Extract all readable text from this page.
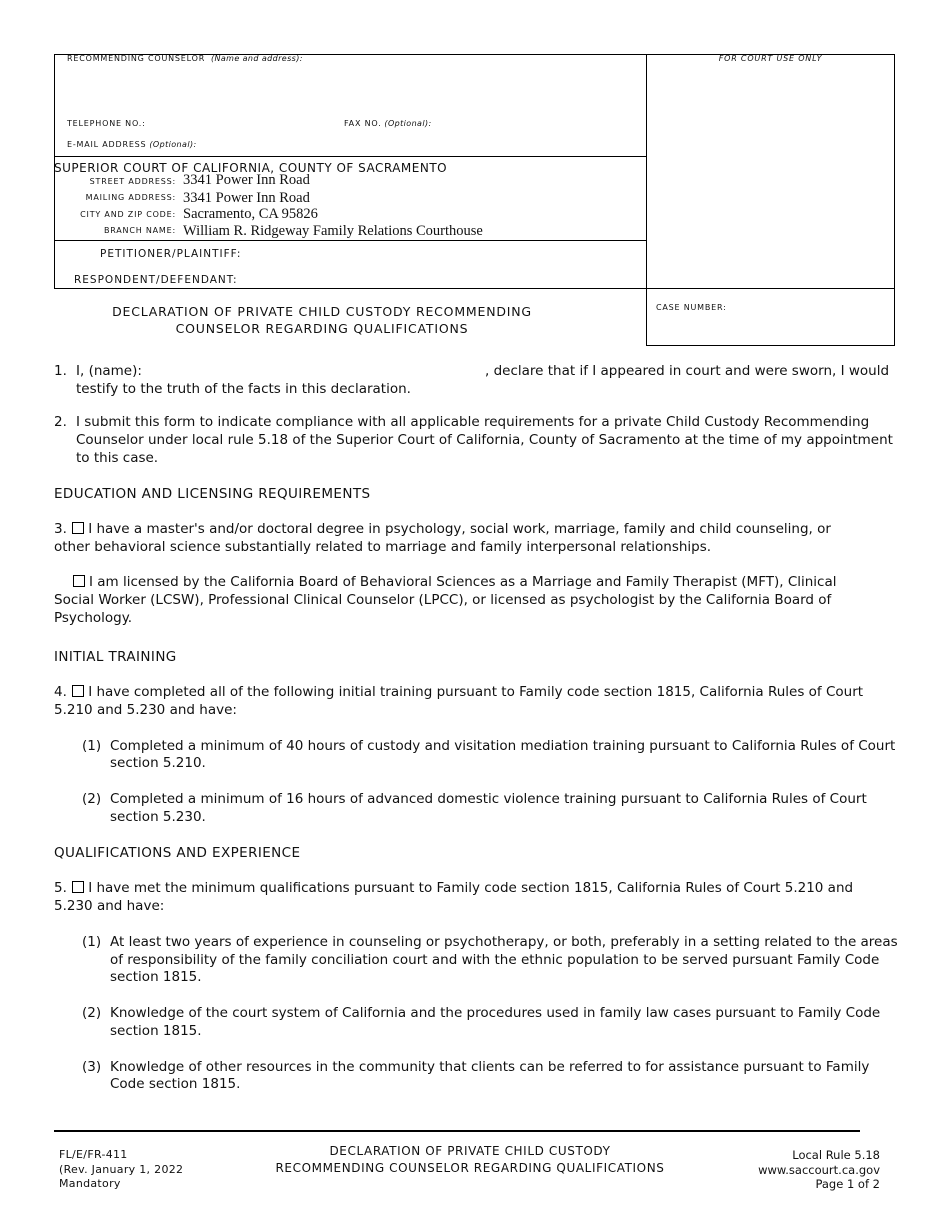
RECOMMENDING COUNSELOR (Name and address):	FOR COURT USE ONLY
TELEPHONE NO.:	FAX NO. (Optional):
E-MAIL ADDRESS (Optional):
SUPERIOR COURT OF CALIFORNIA, COUNTY OF SACRAMENTO
STREET ADDRESS: 3341 Power Inn Road
MAILING ADDRESS: 3341 Power Inn Road
CITY AND ZIP CODE: Sacramento, CA 95826
BRANCH NAME: William R. Ridgeway Family Relations Courthouse
PETITIONER/PLAINTIFF:
RESPONDENT/DEFENDANT:
DECLARATION OF PRIVATE CHILD CUSTODY RECOMMENDING
COUNSELOR REGARDING QUALIFICATIONS
CASE NUMBER:
1. I, (name):	, declare that if I appeared in court and were sworn, I would
testify to the truth of the facts in this declaration.
2. I submit this form to indicate compliance with all applicable requirements for a private Child Custody Recommending
Counselor under local rule 5.18 of the Superior Court of California, County of Sacramento at the time of my appointment
to this case.
EDUCATION AND LICENSING REQUIREMENTS
3. I have a master's and/or doctoral degree in psychology, social work, marriage, family and child counseling, or
other behavioral science substantially related to marriage and family interpersonal relationships.
I am licensed by the California Board of Behavioral Sciences as a Marriage and Family Therapist (MFT), Clinical
Social Worker (LCSW), Professional Clinical Counselor (LPCC), or licensed as psychologist by the California Board of
Psychology.
INITIAL TRAINING
4. I have completed all of the following initial training pursuant to Family code section 1815, California Rules of Court
5.210 and 5.230 and have:
(1) Completed a minimum of 40 hours of custody and visitation mediation training pursuant to California Rules of Court
section 5.210.
(2) Completed a minimum of 16 hours of advanced domestic violence training pursuant to California Rules of Court
section 5.230.
QUALIFICATIONS AND EXPERIENCE
5. I have met the minimum qualifications pursuant to Family code section 1815, California Rules of Court 5.210 and
5.230 and have:
(1) At least two years of experience in counseling or psychotherapy, or both, preferably in a setting related to the areas
of responsibility of the family conciliation court and with the ethnic population to be served pursuant Family Code
section 1815.
(2) Knowledge of the court system of California and the procedures used in family law cases pursuant to Family Code
section 1815.
(3) Knowledge of other resources in the community that clients can be referred to for assistance pursuant to Family
Code section 1815.
FL/E/FR-411
(Rev. January 1, 2022
Mandatory
DECLARATION OF PRIVATE CHILD CUSTODY
RECOMMENDING COUNSELOR REGARDING QUALIFICATIONS
Local Rule 5.18
www.saccourt.ca.gov
Page 1 of 2
